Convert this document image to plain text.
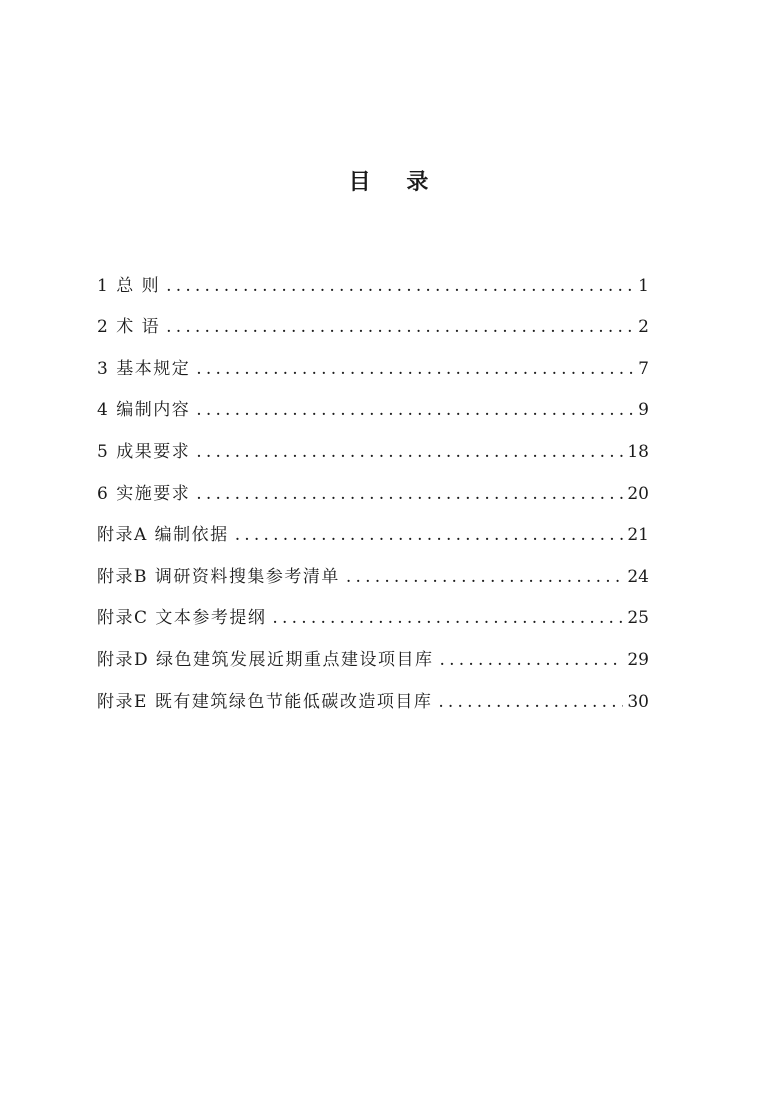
目 录
1 总 则 .....	1
2 术 语 .....	2
3 基本规定 .....	7
4 编制内容 .....	9
5 成果要求 .....	18
6 实施要求 .....	20
附录A 编制依据 .....	21
附录B 调研资料搜集参考清单 .....	24
附录C 文本参考提纲 .....	25
附录D 绿色建筑发展近期重点建设项目库 .....	29
附录E 既有建筑绿色节能低碳改造项目库 .....	30
